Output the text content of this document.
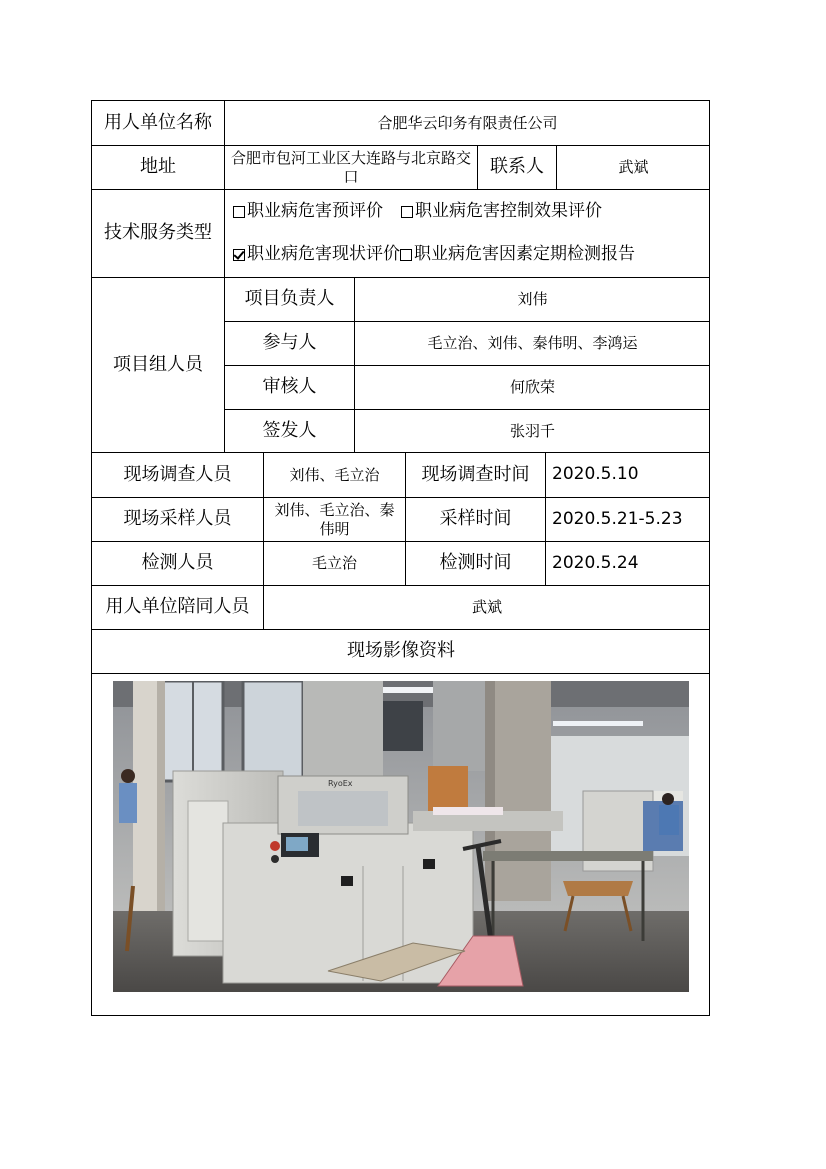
用人单位名称	合肥华云印务有限责任公司
地址	合肥市包河工业区大连路与北京路交口	联系人	武斌
技术服务类型
职业病危害预评价 职业病危害控制效果评价
职业病危害现状评价 职业病危害因素定期检测报告
项目组人员
项目负责人	刘伟
参与人	毛立治、刘伟、秦伟明、李鸿运
审核人	何欣荣
签发人	张羽千
现场调查人员	刘伟、毛立治	现场调查时间	2020.5.10
现场采样人员	刘伟、毛立治、秦伟明	采样时间	2020.5.21-5.23
检测人员	毛立治	检测时间	2020.5.24
用人单位陪同人员	武斌
现场影像资料
RyoEx
